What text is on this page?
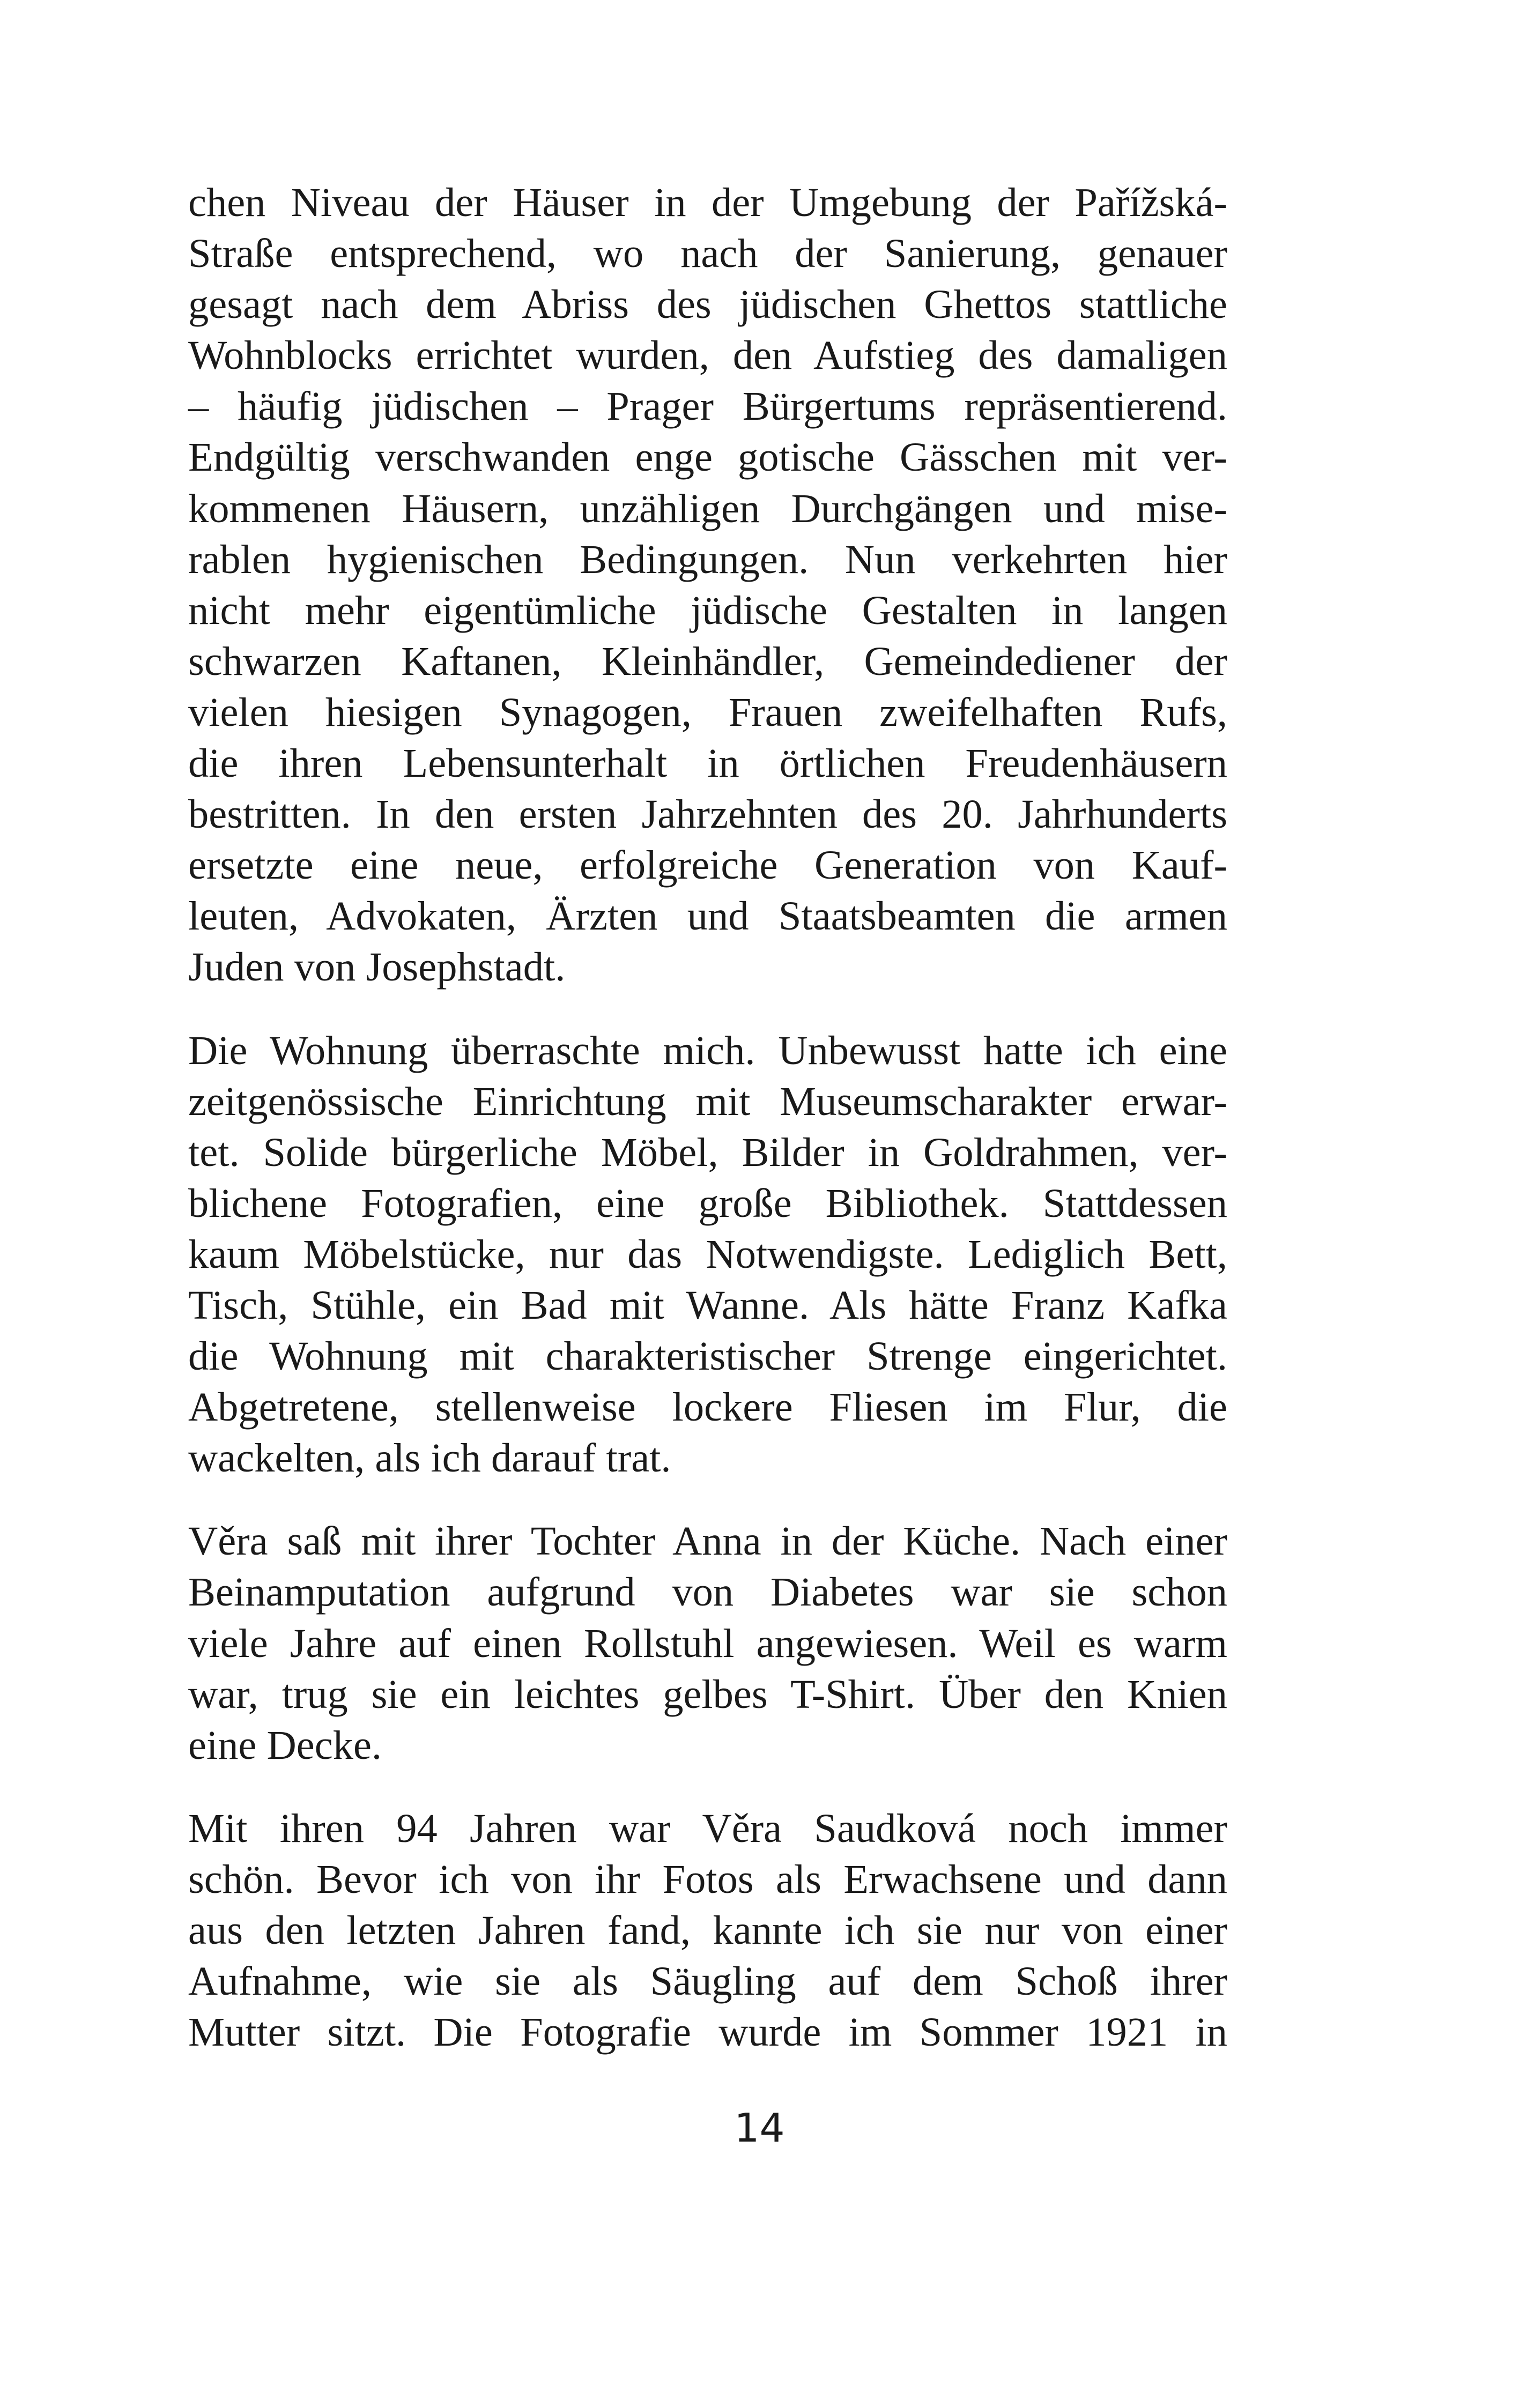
chen Niveau der Häuser in der Umgebung der Pařížská-
Straße entsprechend, wo nach der Sanierung, genauer
gesagt nach dem Abriss des jüdischen Ghettos stattliche
Wohnblocks errichtet wurden, den Aufstieg des damaligen
– häufig jüdischen – Prager Bürgertums repräsentierend.
Endgültig verschwanden enge gotische Gässchen mit ver-
kommenen Häusern, unzähligen Durchgängen und mise-
rablen hygienischen Bedingungen. Nun verkehrten hier
nicht mehr eigentümliche jüdische Gestalten in langen
schwarzen Kaftanen, Kleinhändler, Gemeindediener der
vielen hiesigen Synagogen, Frauen zweifelhaften Rufs,
die ihren Lebensunterhalt in örtlichen Freudenhäusern
bestritten. In den ersten Jahrzehnten des 20. Jahrhunderts
ersetzte eine neue, erfolgreiche Generation von Kauf-
leuten, Advokaten, Ärzten und Staatsbeamten die armen
Juden von Josephstadt.
Die Wohnung überraschte mich. Unbewusst hatte ich eine
zeitgenössische Einrichtung mit Museumscharakter erwar-
tet. Solide bürgerliche Möbel, Bilder in Goldrahmen, ver-
blichene Fotografien, eine große Bibliothek. Stattdessen
kaum Möbelstücke, nur das Notwendigste. Lediglich Bett,
Tisch, Stühle, ein Bad mit Wanne. Als hätte Franz Kafka
die Wohnung mit charakteristischer Strenge eingerichtet.
Abgetretene, stellenweise lockere Fliesen im Flur, die
wackelten, als ich darauf trat.
Věra saß mit ihrer Tochter Anna in der Küche. Nach einer
Beinamputation aufgrund von Diabetes war sie schon
viele Jahre auf einen Rollstuhl angewiesen. Weil es warm
war, trug sie ein leichtes gelbes T-Shirt. Über den Knien
eine Decke.
Mit ihren 94 Jahren war Věra Saudková noch immer
schön. Bevor ich von ihr Fotos als Erwachsene und dann
aus den letzten Jahren fand, kannte ich sie nur von einer
Aufnahme, wie sie als Säugling auf dem Schoß ihrer
Mutter sitzt. Die Fotografie wurde im Sommer 1921 in
14
